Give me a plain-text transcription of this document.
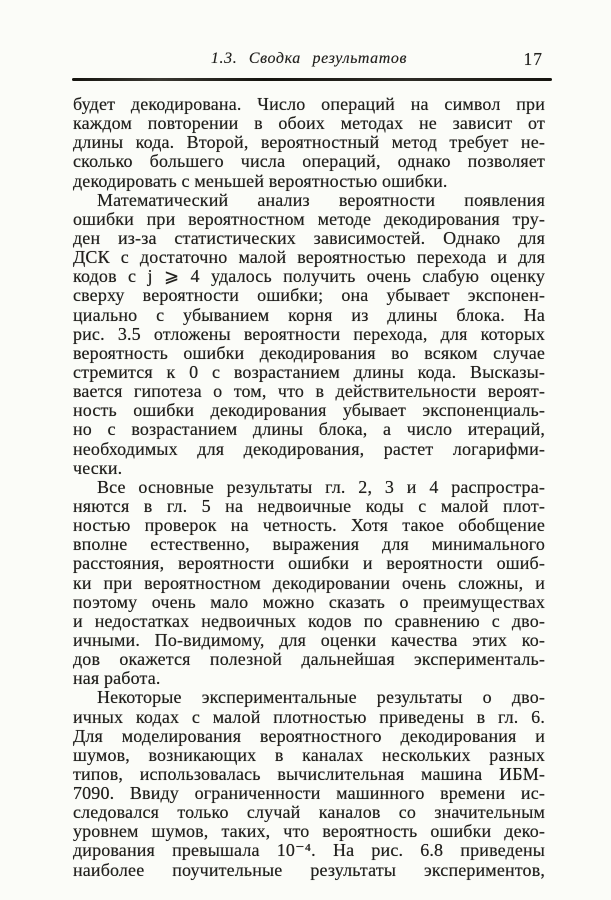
1.3. Сводка результатов	17
будет декодирована. Число операций на символ при
каждом повторении в обоих методах не зависит от
длины кода. Второй, вероятностный метод требует не-
сколько большего числа операций, однако позволяет
декодировать с меньшей вероятностью ошибки.
Математический анализ вероятности появления
ошибки при вероятностном методе декодирования тру-
ден из-за статистических зависимостей. Однако для
ДСК с достаточно малой вероятностью перехода и для
кодов с j ⩾ 4 удалось получить очень слабую оценку
сверху вероятности ошибки; она убывает экспонен-
циально с убыванием корня из длины блока. На
рис. 3.5 отложены вероятности перехода, для которых
вероятность ошибки декодирования во всяком случае
стремится к 0 с возрастанием длины кода. Высказы-
вается гипотеза о том, что в действительности вероят-
ность ошибки декодирования убывает экспоненциаль-
но с возрастанием длины блока, а число итераций,
необходимых для декодирования, растет логарифми-
чески.
Все основные результаты гл. 2, 3 и 4 распростра-
няются в гл. 5 на недвоичные коды с малой плот-
ностью проверок на четность. Хотя такое обобщение
вполне естественно, выражения для минимального
расстояния, вероятности ошибки и вероятности ошиб-
ки при вероятностном декодировании очень сложны, и
поэтому очень мало можно сказать о преимуществах
и недостатках недвоичных кодов по сравнению с дво-
ичными. По-видимому, для оценки качества этих ко-
дов окажется полезной дальнейшая эксперименталь-
ная работа.
Некоторые экспериментальные результаты о дво-
ичных кодах с малой плотностью приведены в гл. 6.
Для моделирования вероятностного декодирования и
шумов, возникающих в каналах нескольких разных
типов, использовалась вычислительная машина ИБМ-
7090. Ввиду ограниченности машинного времени ис-
следовался только случай каналов со значительным
уровнем шумов, таких, что вероятность ошибки деко-
дирования превышала 10⁻⁴. На рис. 6.8 приведены
наиболее поучительные результаты экспериментов,
